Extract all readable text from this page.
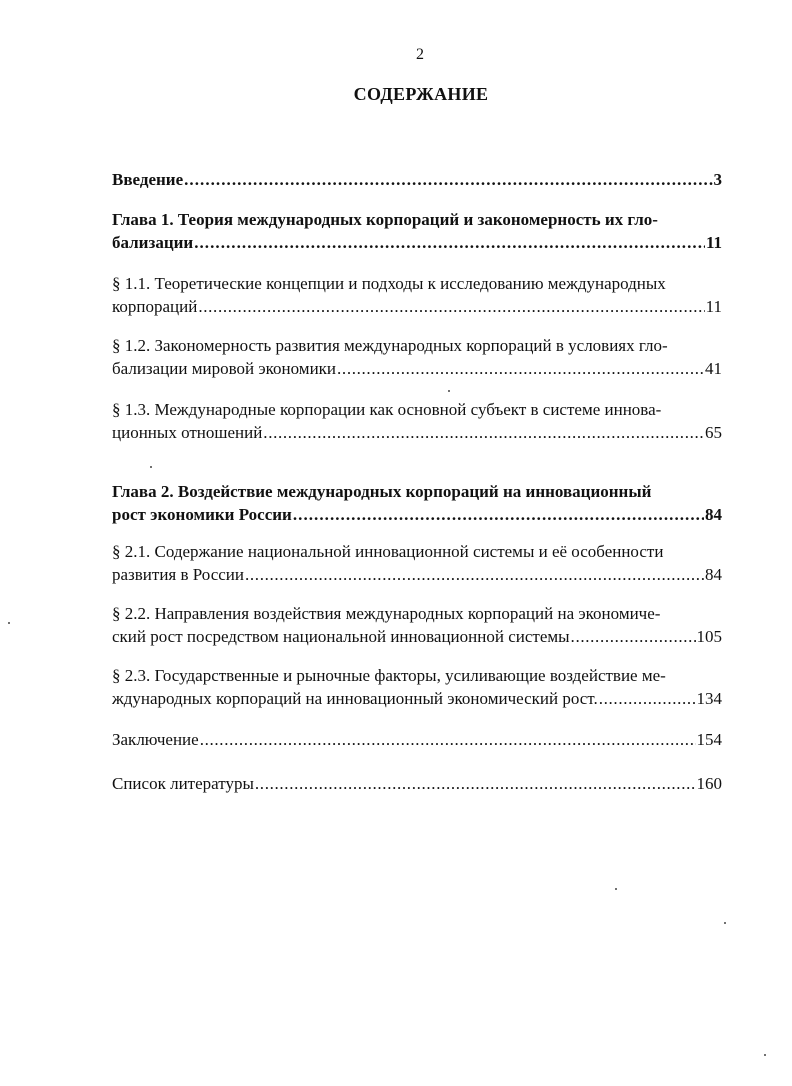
2
СОДЕРЖАНИЕ
Введение . . .	3
Глава 1. Теория международных корпораций и закономерность их гло-
бализации . . .	11
§ 1.1. Теоретические концепции и подходы к исследованию международных
корпораций . . .	11
§ 1.2. Закономерность развития международных корпораций в условиях гло-
бализации мировой экономики . . .	41
§ 1.3. Международные корпорации как основной субъект в системе иннова-
ционных отношений . . .	65
Глава 2. Воздействие международных корпораций на инновационный
рост экономики России . . .	84
§ 2.1. Содержание национальной инновационной системы и её особенности
развития в России . . .	84
§ 2.2. Направления воздействия международных корпораций на экономиче-
ский рост посредством национальной инновационной системы . . .	105
§ 2.3. Государственные и рыночные факторы, усиливающие воздействие ме-
ждународных корпораций на инновационный экономический рост. . . .	134
Заключение . . .	154
Список литературы . . .	160
